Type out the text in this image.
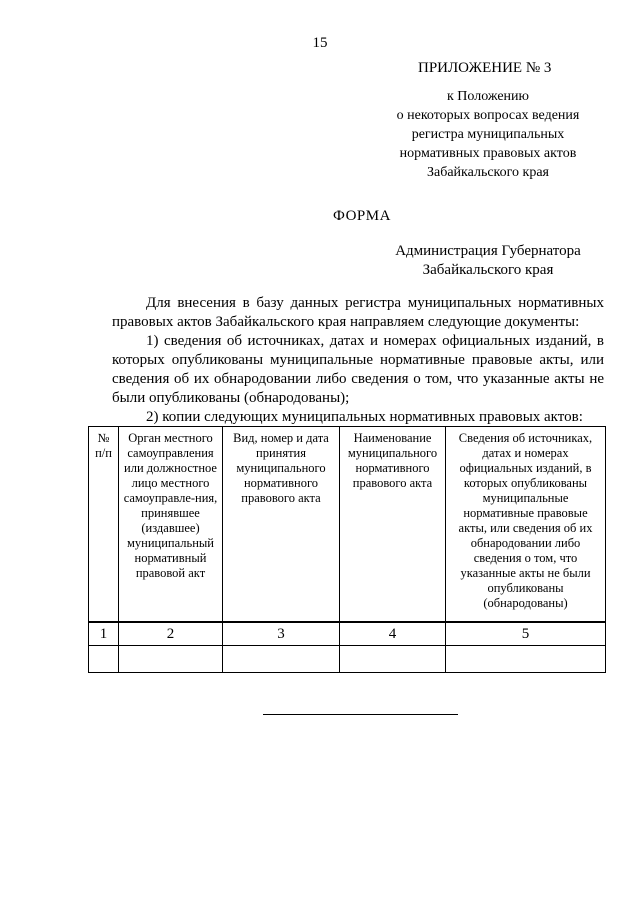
15
ПРИЛОЖЕНИЕ № 3
к Положению
о некоторых вопросах ведения
регистра муниципальных
нормативных правовых актов
Забайкальского края
ФОРМА
Администрация Губернатора
Забайкальского края
Для внесения в базу данных регистра муниципальных нормативных правовых актов Забайкальского края направляем следующие документы:
1) сведения об источниках, датах и номерах официальных изданий, в которых опубликованы муниципальные нормативные правовые акты, или сведения об их обнародовании либо сведения о том, что указанные акты не были опубликованы (обнародованы);
2) копии следующих муниципальных нормативных правовых актов:
№ п/п	Орган местного самоуправления или должностное лицо местного самоуправле-ния, принявшее (издавшее) муниципальный нормативный правовой акт	Вид, номер и дата принятия муниципального нормативного правового акта	Наименование муниципального нормативного правового акта	Сведения об источниках, датах и номерах официальных изданий, в которых опубликованы муниципальные нормативные правовые акты, или сведения об их обнародовании либо сведения о том, что указанные акты не были опубликованы (обнародованы)
1	2	3	4	5
